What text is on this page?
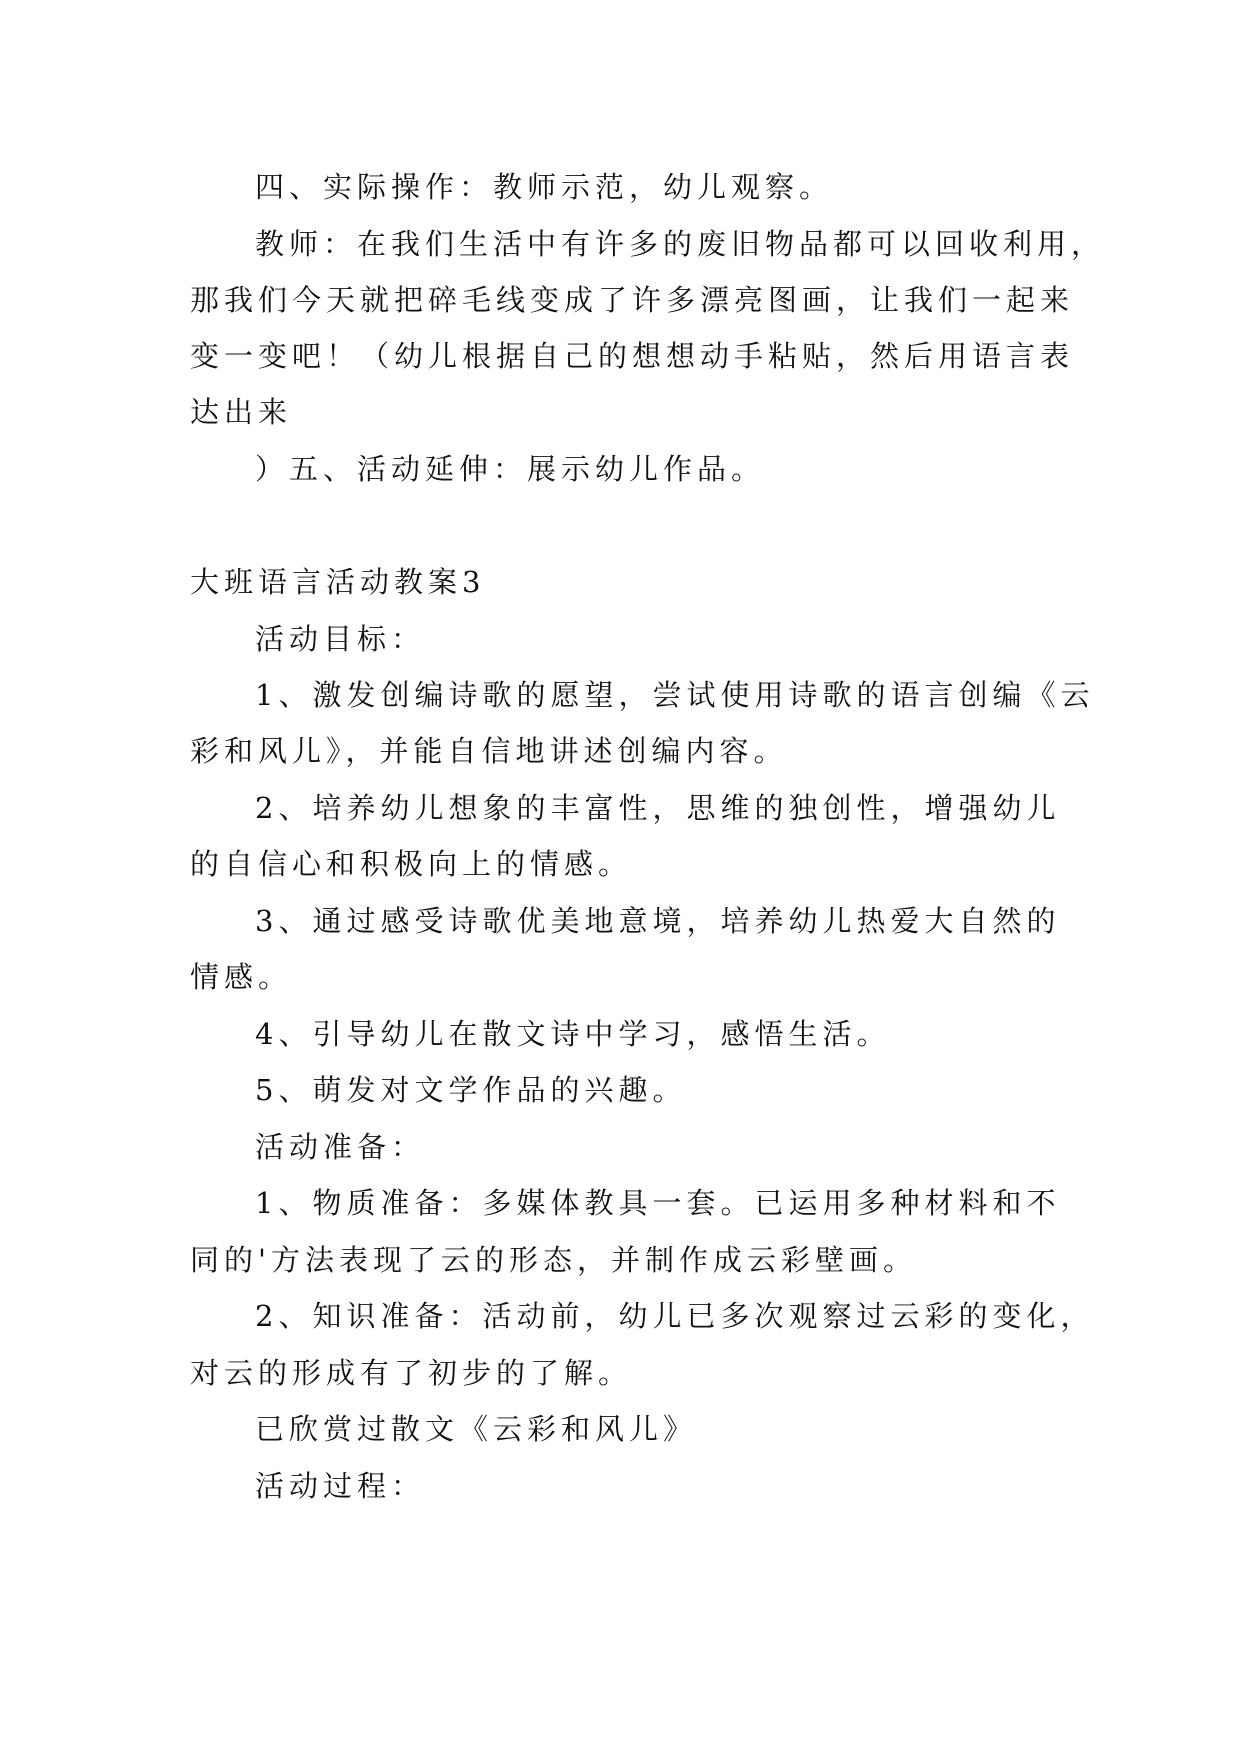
四、实际操作：教师示范，幼儿观察。

教师：在我们生活中有许多的废旧物品都可以回收利用，

那我们今天就把碎毛线变成了许多漂亮图画，让我们一起来

变一变吧！（幼儿根据自己的想想动手粘贴，然后用语言表

达出来

）五、活动延伸：展示幼儿作品。

大班语言活动教案3

活动目标：

1、激发创编诗歌的愿望，尝试使用诗歌的语言创编《云

彩和风儿》，并能自信地讲述创编内容。

2、培养幼儿想象的丰富性，思维的独创性，增强幼儿

的自信心和积极向上的情感。

3、通过感受诗歌优美地意境，培养幼儿热爱大自然的

情感。

4、引导幼儿在散文诗中学习，感悟生活。

5、萌发对文学作品的兴趣。

活动准备：

1、物质准备：多媒体教具一套。已运用多种材料和不

同的'方法表现了云的形态，并制作成云彩壁画。

2、知识准备：活动前，幼儿已多次观察过云彩的变化，

对云的形成有了初步的了解。

已欣赏过散文《云彩和风儿》

活动过程：
